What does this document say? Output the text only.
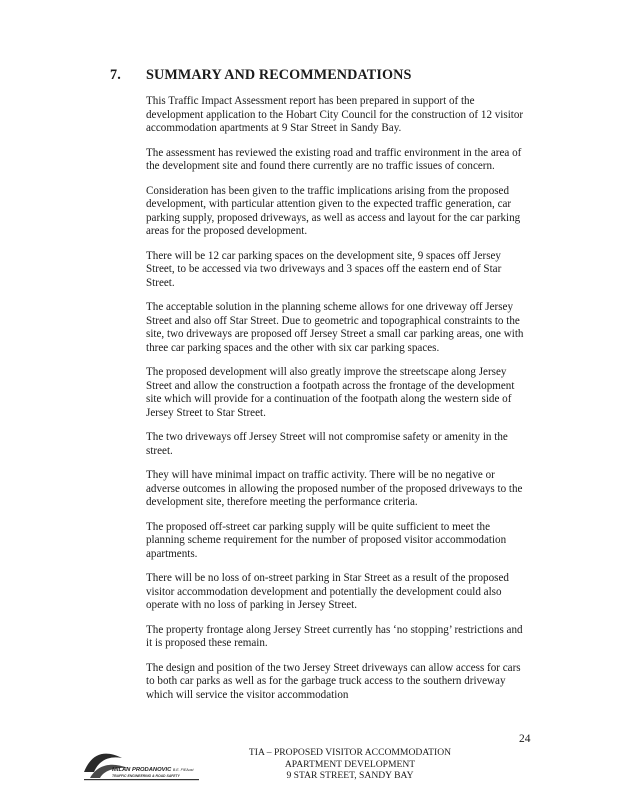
7. SUMMARY AND RECOMMENDATIONS

This Traffic Impact Assessment report has been prepared in support of the development application to the Hobart City Council for the construction of 12 visitor accommodation apartments at 9 Star Street in Sandy Bay.

The assessment has reviewed the existing road and traffic environment in the area of the development site and found there currently are no traffic issues of concern.

Consideration has been given to the traffic implications arising from the proposed development, with particular attention given to the expected traffic generation, car parking supply, proposed driveways, as well as access and layout for the car parking areas for the proposed development.

There will be 12 car parking spaces on the development site, 9 spaces off Jersey Street, to be accessed via two driveways and 3 spaces off the eastern end of Star Street.

The acceptable solution in the planning scheme allows for one driveway off Jersey Street and also off Star Street. Due to geometric and topographical constraints to the site, two driveways are proposed off Jersey Street a small car parking areas, one with three car parking spaces and the other with six car parking spaces.

The proposed development will also greatly improve the streetscape along Jersey Street and allow the construction a footpath across the frontage of the development site which will provide for a continuation of the footpath along the western side of Jersey Street to Star Street.

The two driveways off Jersey Street will not compromise safety or amenity in the street.

They will have minimal impact on traffic activity. There will be no negative or adverse outcomes in allowing the proposed number of the proposed driveways to the development site, therefore meeting the performance criteria.

The proposed off-street car parking supply will be quite sufficient to meet the planning scheme requirement for the number of proposed visitor accommodation apartments.

There will be no loss of on-street parking in Star Street as a result of the proposed visitor accommodation development and potentially the development could also operate with no loss of parking in Jersey Street.

The property frontage along Jersey Street currently has ‘no stopping’ restrictions and it is proposed these remain.

The design and position of the two Jersey Street driveways can allow access for cars to both car parks as well as for the garbage truck access to the southern driveway which will service the visitor accommodation

24
MILAN PRODANOVIC B.E. FIEAust
TRAFFIC ENGINEERING & ROAD SAFETY
TIA – PROPOSED VISITOR ACCOMMODATION
APARTMENT DEVELOPMENT
9 STAR STREET, SANDY BAY
